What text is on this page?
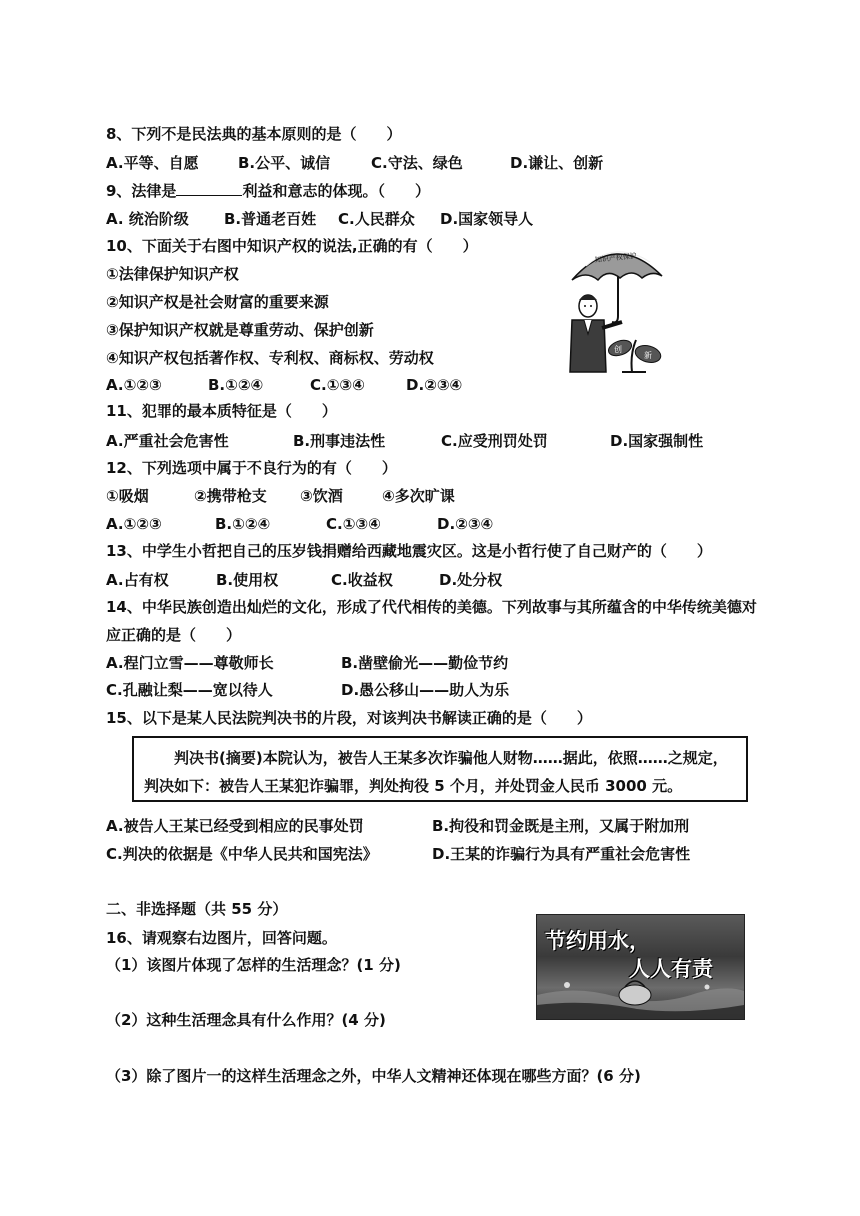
8、下列不是民法典的基本原则的是（　　）
A.平等、自愿	B.公平、诚信	C.守法、绿色	D.谦让、创新
9、法律是	利益和意志的体现。（　　）
A. 统治阶级 B.普通老百姓 C.人民群众 D.国家领导人
10、下面关于右图中知识产权的说法,正确的有（　　）
①法律保护知识产权
②知识产权是社会财富的重要来源
③保护知识产权就是尊重劳动、保护创新
④知识产权包括著作权、专利权、商标权、劳动权
A.①②③	B.①②④	C.①③④	D.②③④
知识产权保护
创
新
11、犯罪的最本质特征是（　　）
A.严重社会危害性	B.刑事违法性	C.应受刑罚处罚	D.国家强制性
12、下列选项中属于不良行为的有（　　）
①吸烟	②携带枪支 ③饮酒	④多次旷课
A.①②③	B.①②④	C.①③④	D.②③④
13、中学生小哲把自己的压岁钱捐赠给西藏地震灾区。这是小哲行使了自己财产的（　　）
A.占有权	B.使用权	C.收益权	D.处分权
14、中华民族创造出灿烂的文化，形成了代代相传的美德。下列故事与其所蕴含的中华传统美德对
应正确的是（　　）
A.程门立雪——尊敬师长	B.凿壁偷光——勤俭节约
C.孔融让梨——宽以待人	D.愚公移山——助人为乐
15、以下是某人民法院判决书的片段，对该判决书解读正确的是（　　）
判决书(摘要)本院认为，被告人王某多次诈骗他人财物……据此，依照……之规定，
判决如下：被告人王某犯诈骗罪，判处拘役 5 个月，并处罚金人民币 3000 元。
A.被告人王某已经受到相应的民事处罚	B.拘役和罚金既是主刑，又属于附加刑
C.判决的依据是《中华人民共和国宪法》	D.王某的诈骗行为具有严重社会危害性
二、非选择题（共 55 分）
16、请观察右边图片，回答问题。
（1）该图片体现了怎样的生活理念？(1 分)
（2）这种生活理念具有什么作用？(4 分)
（3）除了图片一的这样生活理念之外，中华人文精神还体现在哪些方面？(6 分)
节约用水，
人人有责
